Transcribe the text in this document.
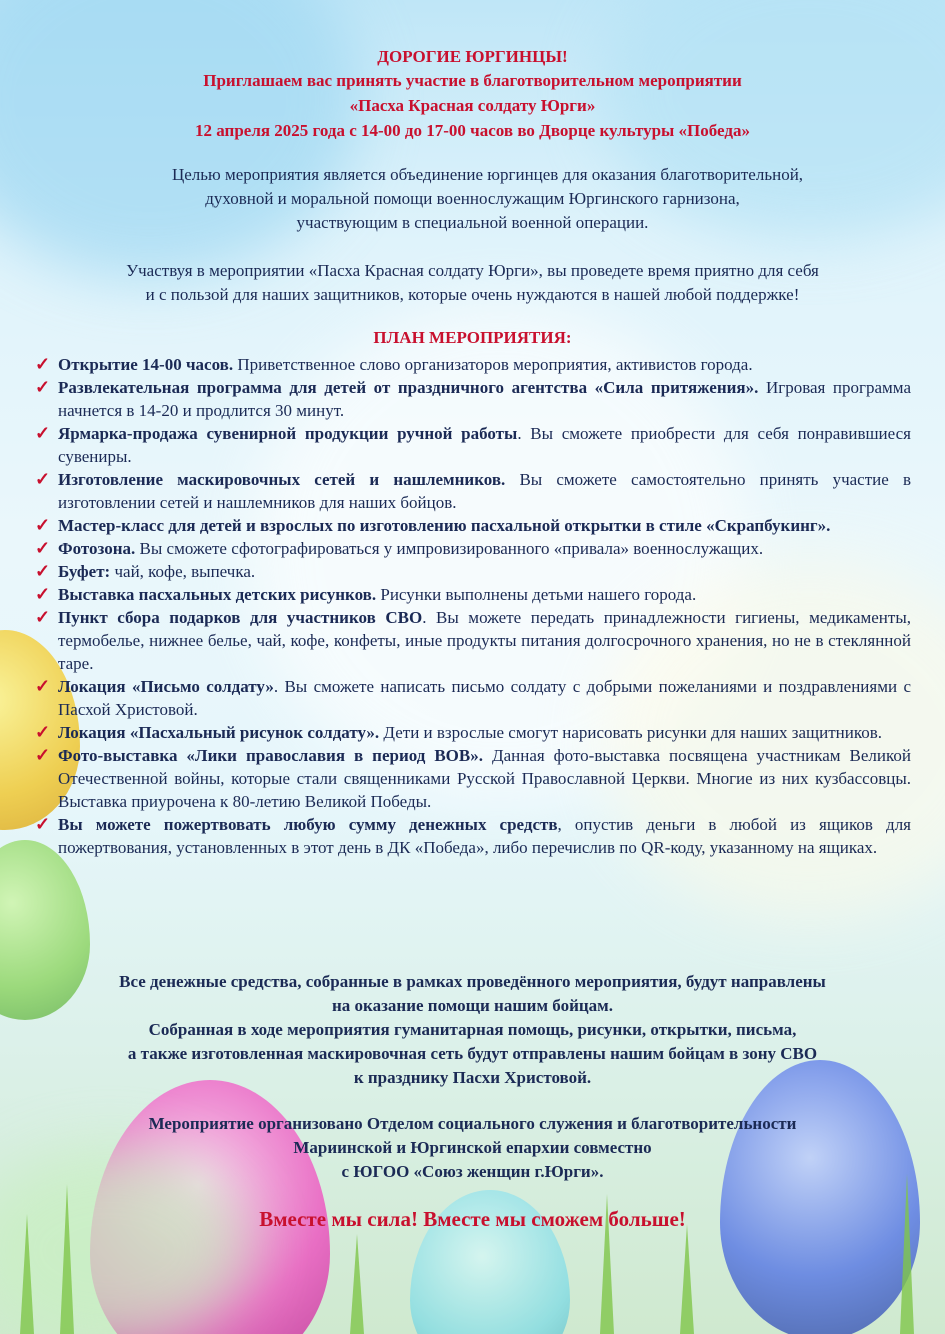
ДОРОГИЕ ЮРГИНЦЫ!
Приглашаем вас принять участие в благотворительном мероприятии
«Пасха Красная солдату Юрги»
12 апреля 2025 года с 14-00 до 17-00 часов во Дворце культуры «Победа»
Целью мероприятия является объединение юргинцев для оказания благотворительной,
духовной и моральной помощи военнослужащим Юргинского гарнизона,
участвующим в специальной военной операции.
Участвуя в мероприятии «Пасха Красная солдату Юрги», вы проведете время приятно для себя
и с пользой для наших защитников, которые очень нуждаются в нашей любой поддержке!
ПЛАН МЕРОПРИЯТИЯ:
✓ Открытие 14-00 часов. Приветственное слово организаторов мероприятия, активистов города.
✓ Развлекательная программа для детей от праздничного агентства «Сила притяжения». Игровая программа начнется в 14-20 и продлится 30 минут.
✓ Ярмарка-продажа сувенирной продукции ручной работы. Вы сможете приобрести для себя понравившиеся сувениры.
✓ Изготовление маскировочных сетей и нашлемников. Вы сможете самостоятельно принять участие в изготовлении сетей и нашлемников для наших бойцов.
✓ Мастер-класс для детей и взрослых по изготовлению пасхальной открытки в стиле «Скрапбукинг».
✓ Фотозона. Вы сможете сфотографироваться у импровизированного «привала» военнослужащих.
✓ Буфет: чай, кофе, выпечка.
✓ Выставка пасхальных детских рисунков. Рисунки выполнены детьми нашего города.
✓ Пункт сбора подарков для участников СВО. Вы можете передать принадлежности гигиены, медикаменты, термобелье, нижнее белье, чай, кофе, конфеты, иные продукты питания долгосрочного хранения, но не в стеклянной таре.
✓ Локация «Письмо солдату». Вы сможете написать письмо солдату с добрыми пожеланиями и поздравлениями с Пасхой Христовой.
✓ Локация «Пасхальный рисунок солдату». Дети и взрослые смогут нарисовать рисунки для наших защитников.
✓ Фото-выставка «Лики православия в период ВОВ». Данная фото-выставка посвящена участникам Великой Отечественной войны, которые стали священниками Русской Православной Церкви. Многие из них кузбассовцы. Выставка приурочена к 80-летию Великой Победы.
✓ Вы можете пожертвовать любую сумму денежных средств, опустив деньги в любой из ящиков для пожертвования, установленных в этот день в ДК «Победа», либо перечислив по QR-коду, указанному на ящиках.
Все денежные средства, собранные в рамках проведённого мероприятия, будут направлены
на оказание помощи нашим бойцам.
Собранная в ходе мероприятия гуманитарная помощь, рисунки, открытки, письма,
а также изготовленная маскировочная сеть будут отправлены нашим бойцам в зону СВО
к празднику Пасхи Христовой.
Мероприятие организовано Отделом социального служения и благотворительности
Мариинской и Юргинской епархии совместно
с ЮГОО «Союз женщин г.Юрги».
Вместе мы сила! Вместе мы сможем больше!
